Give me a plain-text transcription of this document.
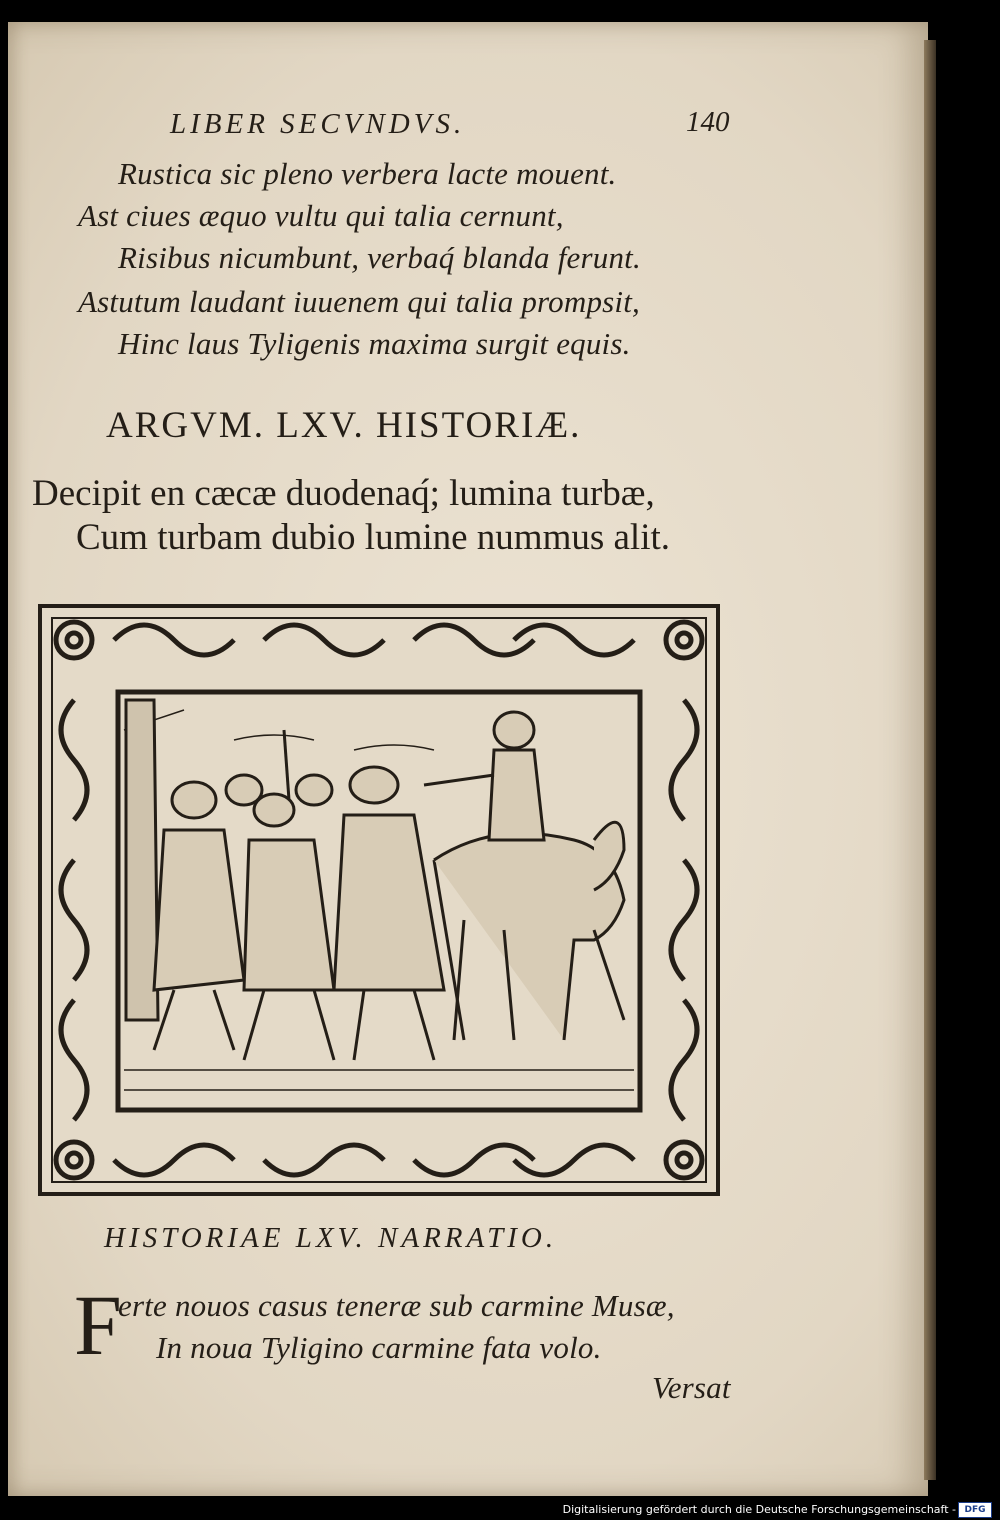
LIBER SECVNDVS.	140
Rustica sic pleno verbera lacte mouent.
Ast ciues æquo vultu qui talia cernunt,
Risibus nicumbunt, verbaq́ blanda ferunt.
Astutum laudant iuuenem qui talia prompsit,
Hinc laus Tyligenis maxima surgit equis.
ARGVM. LXV. HISTORIÆ.
Decipit en cæcæ duodenaq́; lumina turbæ,
Cum turbam dubio lumine nummus alit.
HISTORIAE LXV. NARRATIO.
F
erte nouos casus teneræ sub carmine Musæ,
In noua Tyligino carmine fata volo.
Versat
Digitalisierung gefördert durch die Deutsche Forschungsgemeinschaft - DFG
